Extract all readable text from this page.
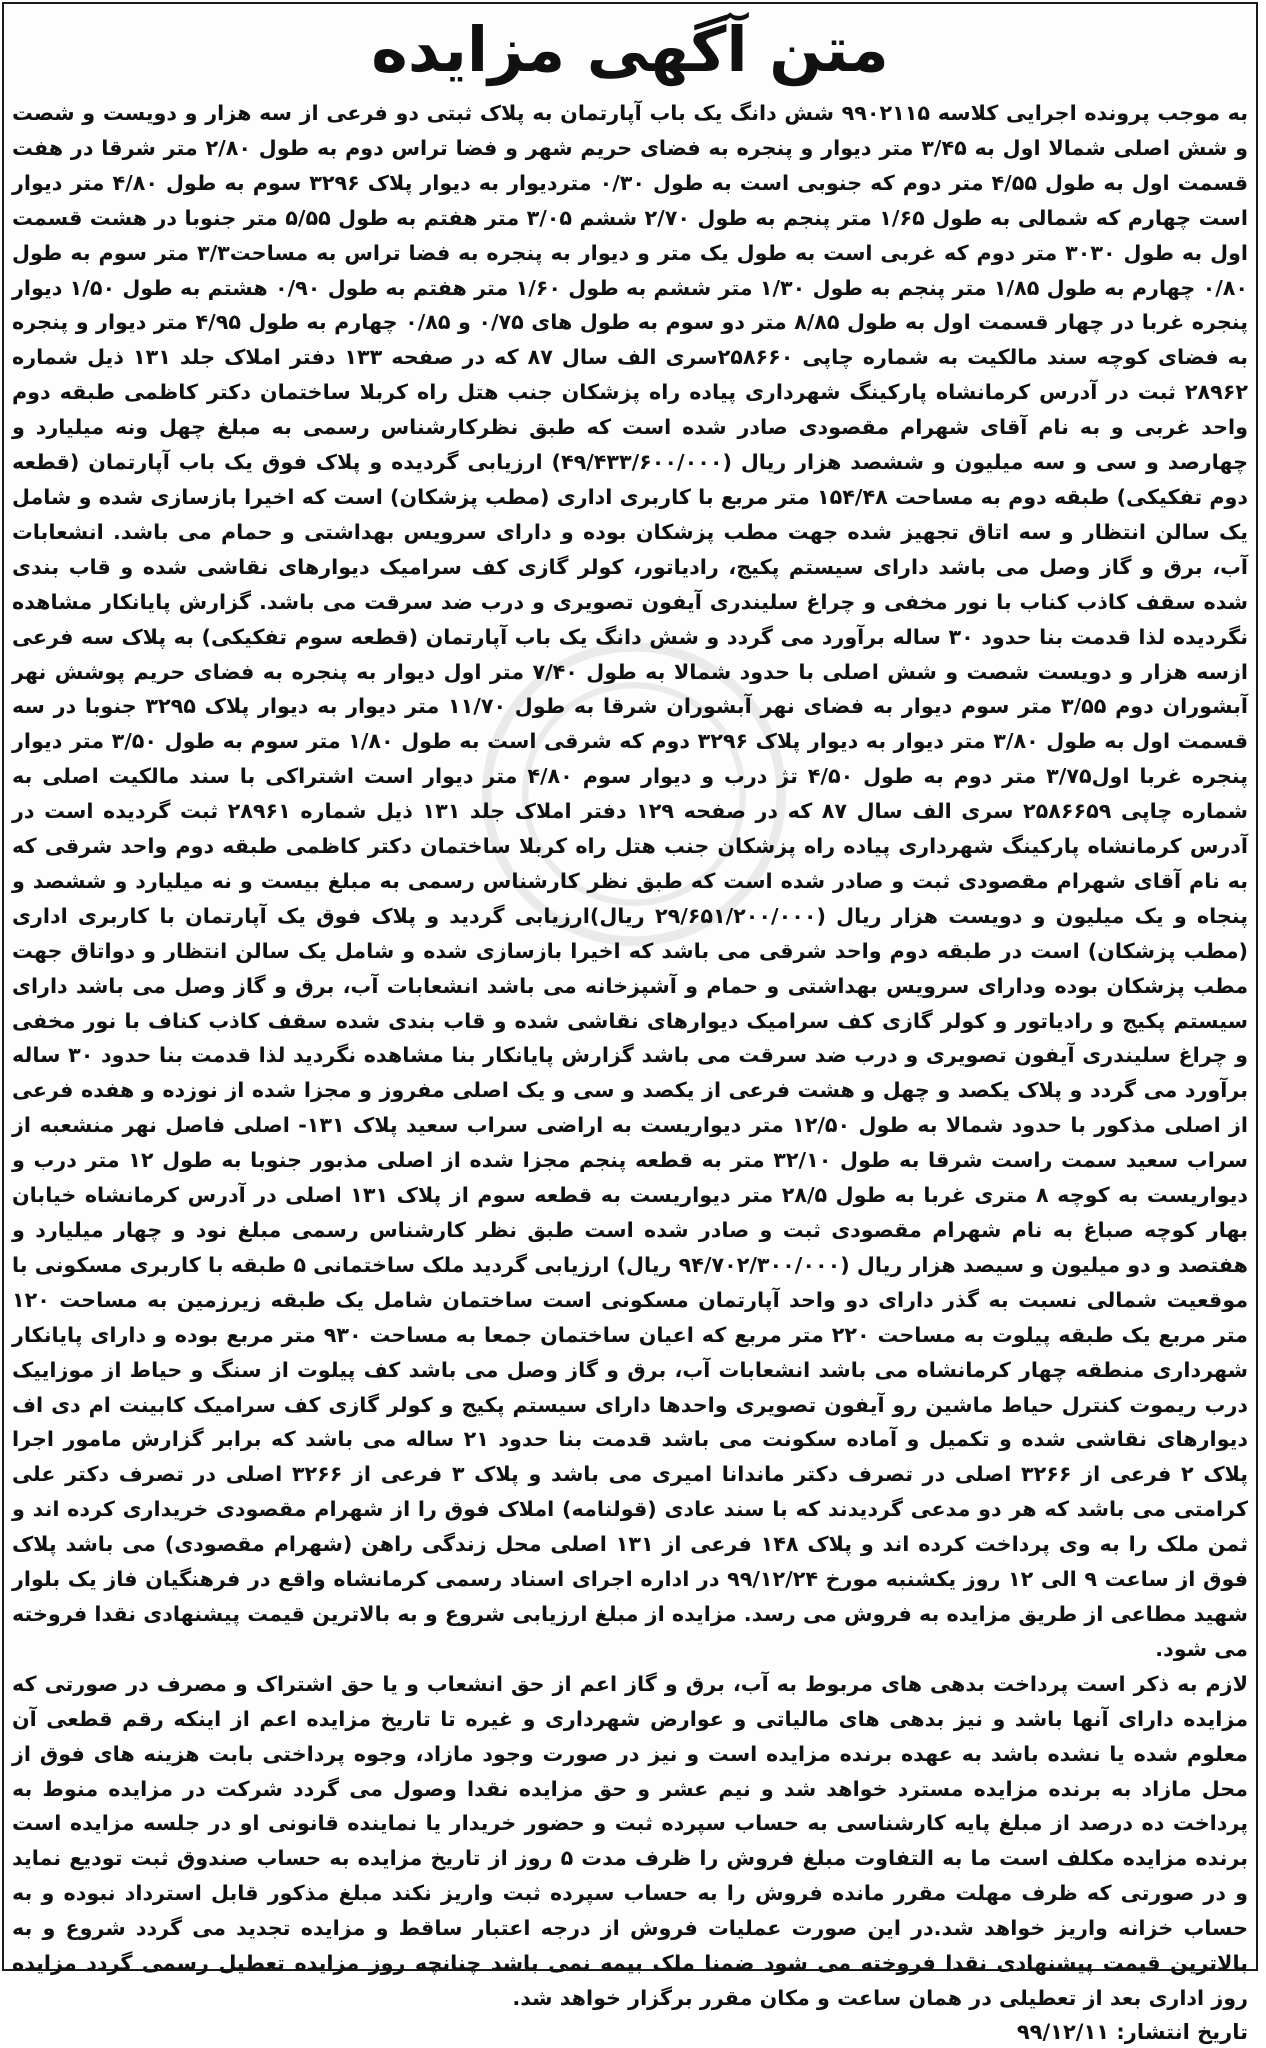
متن آگهی مزایده

به موجب پرونده اجرایی کلاسه ۹۹۰۲۱۱۵ شش دانگ یک باب آپارتمان به پلاک ثبتی دو فرعی از سه هزار و دویست و شصت و شش اصلی شمالا اول به ۳/۴۵ متر دیوار و پنجره به فضای حریم شهر و فضا تراس دوم به طول ۲/۸۰ متر شرقا در هفت قسمت اول به طول ۴/۵۵ متر دوم که جنوبی است به طول ۰/۳۰ متردیوار به دیوار پلاک ۳۲۹۶ سوم به طول ۴/۸۰ متر دیوار است چهارم که شمالی به طول ۱/۶۵ متر پنجم به طول ۲/۷۰ ششم ۳/۰۵ متر هفتم به طول ۵/۵۵ متر جنوبا در هشت قسمت اول به طول ۳۰۳۰ متر دوم که غربی است به طول یک متر و دیوار به پنجره به فضا تراس به مساحت۳/۳ متر سوم به طول ۰/۸۰ چهارم به طول ۱/۸۵ متر پنجم به طول ۱/۳۰ متر ششم به طول ۱/۶۰ متر هفتم به طول ۰/۹۰ هشتم به طول ۱/۵۰ دیوار پنجره غربا در چهار قسمت اول به طول ۸/۸۵ متر دو سوم به طول های ۰/۷۵ و ۰/۸۵ چهارم به طول ۴/۹۵ متر دیوار و پنجره به فضای کوچه سند مالکیت به شماره چاپی ۲۵۸۶۶۰سری الف سال ۸۷ که در صفحه ۱۳۳ دفتر املاک جلد ۱۳۱ ذیل شماره ۲۸۹۶۲ ثبت در آدرس کرمانشاه پارکینگ شهرداری پیاده راه پزشکان جنب هتل راه کربلا ساختمان دکتر کاظمی طبقه دوم واحد غربی و به نام آقای شهرام مقصودی صادر شده است که طبق نظرکارشناس رسمی به مبلغ چهل ونه میلیارد و چهارصد و سی و سه میلیون و ششصد هزار ریال (۴۹/۴۳۳/۶۰۰/۰۰۰) ارزیابی گردیده و پلاک فوق یک باب آپارتمان (قطعه دوم تفکیکی) طبقه دوم به مساحت ۱۵۴/۴۸ متر مربع با کاربری اداری (مطب پزشکان) است که اخیرا بازسازی شده و شامل یک سالن انتظار و سه اتاق تجهیز شده جهت مطب پزشکان بوده و دارای سرویس بهداشتی و حمام می باشد. انشعابات آب، برق و گاز وصل می باشد دارای سیستم پکیج، رادیاتور، کولر گازی کف سرامیک دیوارهای نقاشی شده و قاب بندی شده سقف کاذب کناب با نور مخفی و چراغ سلیندری آیفون تصویری و درب ضد سرقت می باشد. گزارش پایانکار مشاهده نگردیده لذا قدمت بنا حدود ۳۰ ساله برآورد می گردد و شش دانگ یک باب آپارتمان (قطعه سوم تفکیکی) به پلاک سه فرعی ازسه هزار و دویست شصت و شش اصلی با حدود شمالا به طول ۷/۴۰ متر اول دیوار به پنجره به فضای حریم پوشش نهر آبشوران دوم ۳/۵۵ متر سوم دیوار به فضای نهر آبشوران شرقا به طول ۱۱/۷۰ متر دیوار به دیوار پلاک ۳۲۹۵ جنوبا در سه قسمت اول به طول ۳/۸۰ متر دیوار به دیوار پلاک ۳۲۹۶ دوم که شرقی است به طول ۱/۸۰ متر سوم به طول ۳/۵۰ متر دیوار پنجره غربا اول۳/۷۵ متر دوم به طول ۴/۵۰ تژ درب و دیوار سوم ۴/۸۰ متر دیوار است اشتراکی با سند مالکیت اصلی به شماره چاپی ۲۵۸۶۶۵۹ سری الف سال ۸۷ که در صفحه ۱۲۹ دفتر املاک جلد ۱۳۱ ذیل شماره ۲۸۹۶۱ ثبت گردیده است در آدرس کرمانشاه پارکینگ شهرداری پیاده راه پزشکان جنب هتل راه کربلا ساختمان دکتر کاظمی طبقه دوم واحد شرقی که به نام آقای شهرام مقصودی ثبت و صادر شده است که طبق نظر کارشناس رسمی به مبلغ بیست و نه میلیارد و ششصد و پنجاه و یک میلیون و دویست هزار ریال (۲۹/۶۵۱/۲۰۰/۰۰۰ ریال)ارزیابی گردید و پلاک فوق یک آپارتمان با کاربری اداری (مطب پزشکان) است در طبقه دوم واحد شرقی می باشد که اخیرا بازسازی شده و شامل یک سالن انتظار و دواتاق جهت مطب پزشکان بوده ودارای سرویس بهداشتی و حمام و آشپزخانه می باشد انشعابات آب، برق و گاز وصل می باشد دارای سیستم پکیج و رادیاتور و کولر گازی کف سرامیک دیوارهای نقاشی شده و قاب بندی شده سقف کاذب کناف با نور مخفی و چراغ سلیندری آیفون تصویری و درب ضد سرقت می باشد گزارش پایانکار بنا مشاهده نگردید لذا قدمت بنا حدود ۳۰ ساله برآورد می گردد و پلاک یکصد و چهل و هشت فرعی از یکصد و سی و یک اصلی مفروز و مجزا شده از نوزده و هفده فرعی از اصلی مذکور با حدود شمالا به طول ۱۲/۵۰ متر دیواریست به اراضی سراب سعید پلاک ۱۳۱- اصلی فاصل نهر منشعبه از سراب سعید سمت راست شرقا به طول ۳۲/۱۰ متر به قطعه پنجم مجزا شده از اصلی مذبور جنوبا به طول ۱۲ متر درب و دیواریست به کوچه ۸ متری غربا به طول ۲۸/۵ متر دیواریست به قطعه سوم از پلاک ۱۳۱ اصلی در آدرس کرمانشاه خیابان بهار کوچه صباغ به نام شهرام مقصودی ثبت و صادر شده است طبق نظر کارشناس رسمی مبلغ نود و چهار میلیارد و هفتصد و دو میلیون و سیصد هزار ریال (۹۴/۷۰۲/۳۰۰/۰۰۰ ریال) ارزیابی گردید ملک ساختمانی ۵ طبقه با کاربری مسکونی با موقعیت شمالی نسبت به گذر دارای دو واحد آپارتمان مسکونی است ساختمان شامل یک طبقه زیرزمین به مساحت ۱۲۰ متر مربع یک طبقه پیلوت به مساحت ۲۲۰ متر مربع که اعیان ساختمان جمعا به مساحت ۹۳۰ متر مربع بوده و دارای پایانکار شهرداری منطقه چهار کرمانشاه می باشد انشعابات آب، برق و گاز وصل می باشد کف پیلوت از سنگ و حیاط از موزاییک درب ریموت کنترل حیاط ماشین رو آیفون تصویری واحدها دارای سیستم پکیج و کولر گازی کف سرامیک کابینت ام دی اف دیوارهای نقاشی شده و تکمیل و آماده سکونت می باشد قدمت بنا حدود ۲۱ ساله می باشد که برابر گزارش مامور اجرا پلاک ۲ فرعی از ۳۲۶۶ اصلی در تصرف دکتر ماندانا امیری می باشد و پلاک ۳ فرعی از ۳۲۶۶ اصلی در تصرف دکتر علی کرامتی می باشد که هر دو مدعی گردیدند که با سند عادی (قولنامه) املاک فوق را از شهرام مقصودی خریداری کرده اند و ثمن ملک را به وی پرداخت کرده اند و پلاک ۱۴۸ فرعی از ۱۳۱ اصلی محل زندگی راهن (شهرام مقصودی) می باشد پلاک فوق از ساعت ۹ الی ۱۲ روز یکشنبه مورخ ۹۹/۱۲/۲۴ در اداره اجرای اسناد رسمی کرمانشاه واقع در فرهنگیان فاز یک بلوار شهید مطاعی از طریق مزایده به فروش می رسد. مزایده از مبلغ ارزیابی شروع و به بالاترین قیمت پیشنهادی نقدا فروخته می شود.

لازم به ذکر است پرداخت بدهی های مربوط به آب، برق و گاز اعم از حق انشعاب و یا حق اشتراک و مصرف در صورتی که مزایده دارای آنها باشد و نیز بدهی های مالیاتی و عوارض شهرداری و غیره تا تاریخ مزایده اعم از اینکه رقم قطعی آن معلوم شده یا نشده باشد به عهده برنده مزایده است و نیز در صورت وجود مازاد، وجوه پرداختی بابت هزینه های فوق از محل مازاد به برنده مزایده مسترد خواهد شد و نیم عشر و حق مزایده نقدا وصول می گردد شرکت در مزایده منوط به پرداخت ده درصد از مبلغ پایه کارشناسی به حساب سپرده ثبت و حضور خریدار یا نماینده قانونی او در جلسه مزایده است برنده مزایده مکلف است ما به التفاوت مبلغ فروش را ظرف مدت ۵ روز از تاریخ مزایده به حساب صندوق ثبت تودیع نماید و در صورتی که ظرف مهلت مقرر مانده فروش را به حساب سپرده ثبت واریز نکند مبلغ مذکور قابل استرداد نبوده و به حساب خزانه واریز خواهد شد.در این صورت عملیات فروش از درجه اعتبار ساقط و مزایده تجدید می گردد شروع و به بالاترین قیمت پیشنهادی نقدا فروخته می شود ضمنا ملک بیمه نمی باشد چنانچه روز مزایده تعطیل رسمی گردد مزایده روز اداری بعد از تعطیلی در همان ساعت و مکان مقرر برگزار خواهد شد.

تاریخ انتشار: ۹۹/۱۲/۱۱
